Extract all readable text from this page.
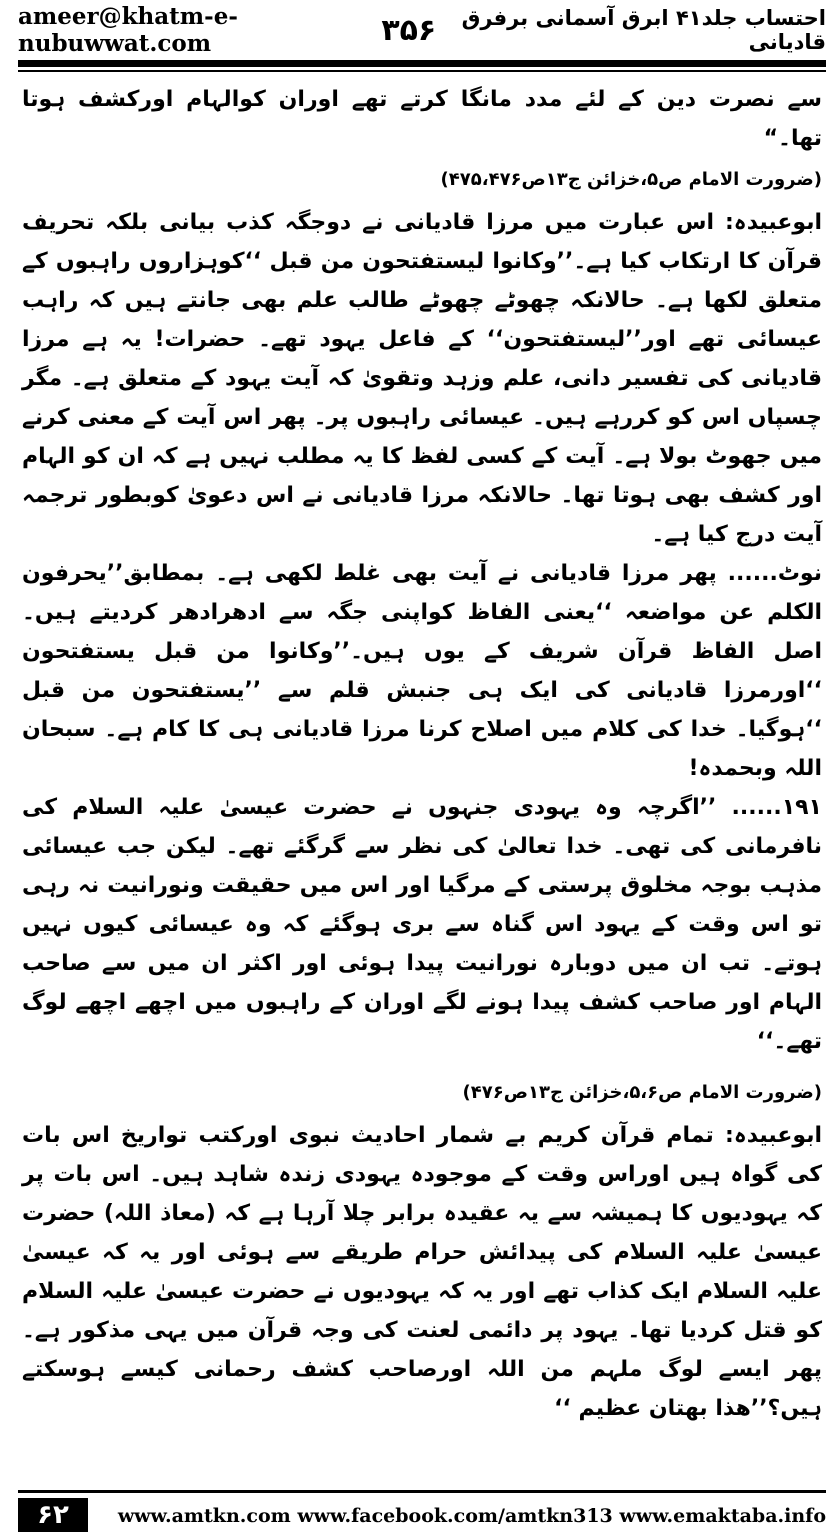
ameer@khatm-e-nubuwwat.com	۳۵۶	احتساب جلد۴۱ ابرق آسمانی برفرق قادیانی

سے نصرت دین کے لئے مدد مانگا کرتے تھے اوران کوالہام اورکشف ہوتا تھا۔“

(ضرورت الامام ص۵،خزائن ج۱۳ص۴۷۵،۴۷۶)

ابوعبیدہ: اس عبارت میں مرزا قادیانی نے دوجگہ کذب بیانی بلکہ تحریف قرآن کا ارتکاب کیا ہے۔’’وکانوا لیستفتحون من قبل ‘‘کوہزاروں راہبوں کے متعلق لکھا ہے۔ حالانکہ چھوٹے چھوٹے طالب علم بھی جانتے ہیں کہ راہب عیسائی تھے اور’’لیستفتحون‘‘ کے فاعل یہود تھے۔ حضرات! یہ ہے مرزا قادیانی کی تفسیر دانی، علم وزہد وتقویٰ کہ آیت یہود کے متعلق ہے۔ مگر چسپاں اس کو کررہے ہیں۔ عیسائی راہبوں پر۔ پھر اس آیت کے معنی کرنے میں جھوٹ بولا ہے۔ آیت کے کسی لفظ کا یہ مطلب نہیں ہے کہ ان کو الہام اور کشف بھی ہوتا تھا۔ حالانکہ مرزا قادیانی نے اس دعویٰ کوبطور ترجمہ آیت درج کیا ہے۔

نوٹ...... پھر مرزا قادیانی نے آیت بھی غلط لکھی ہے۔ بمطابق’’یحرفون الکلم عن مواضعہ ‘‘یعنی الفاظ کواپنی جگہ سے ادھرادھر کردیتے ہیں۔ اصل الفاظ قرآن شریف کے یوں ہیں۔’’وکانوا من قبل یستفتحون ‘‘اورمرزا قادیانی کی ایک ہی جنبش قلم سے ’’یستفتحون من قبل ‘‘ہوگیا۔ خدا کی کلام میں اصلاح کرنا مرزا قادیانی ہی کا کام ہے۔ سبحان اللہ وبحمدہ!

۱۹۱...... ’’اگرچہ وہ یہودی جنہوں نے حضرت عیسیٰ علیہ السلام کی نافرمانی کی تھی۔ خدا تعالیٰ کی نظر سے گرگئے تھے۔ لیکن جب عیسائی مذہب بوجہ مخلوق پرستی کے مرگیا اور اس میں حقیقت ونورانیت نہ رہی تو اس وقت کے یہود اس گناہ سے بری ہوگئے کہ وہ عیسائی کیوں نہیں ہوتے۔ تب ان میں دوبارہ نورانیت پیدا ہوئی اور اکثر ان میں سے صاحب الہام اور صاحب کشف پیدا ہونے لگے اوران کے راہبوں میں اچھے اچھے لوگ تھے۔‘‘

(ضرورت الامام ص۵،۶،خزائن ج۱۳ص۴۷۶)

ابوعبیدہ: تمام قرآن کریم بے شمار احادیث نبوی اورکتب تواریخ اس بات کی گواہ ہیں اوراس وقت کے موجودہ یہودی زندہ شاہد ہیں۔ اس بات پر کہ یہودیوں کا ہمیشہ سے یہ عقیدہ برابر چلا آرہا ہے کہ (معاذ اللہ) حضرت عیسیٰ علیہ السلام کی پیدائش حرام طریقے سے ہوئی اور یہ کہ عیسیٰ علیہ السلام ایک کذاب تھے اور یہ کہ یہودیوں نے حضرت عیسیٰ علیہ السلام کو قتل کردیا تھا۔ یہود پر دائمی لعنت کی وجہ قرآن میں یہی مذکور ہے۔ پھر ایسے لوگ ملہم من اللہ اورصاحب کشف رحمانی کیسے ہوسکتے ہیں؟’’ھذا بھتان عظیم ‘‘

۶۲	www.amtkn.com www.facebook.com/amtkn313 www.emaktaba.info
